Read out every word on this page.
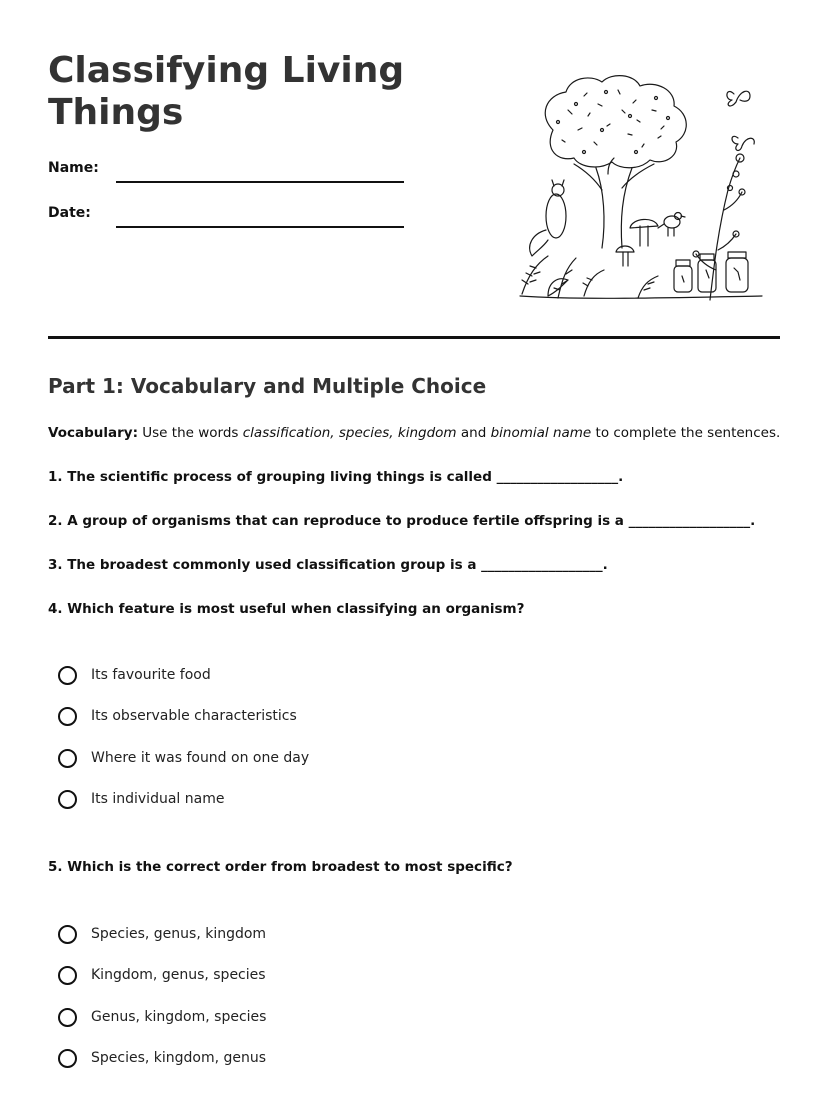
Classifying Living Things
Name:
Date:
Part 1: Vocabulary and Multiple Choice
Vocabulary: Use the words classification, species, kingdom and binomial name to complete the sentences.
1. The scientific process of grouping living things is called __________________.
2. A group of organisms that can reproduce to produce fertile offspring is a __________________.
3. The broadest commonly used classification group is a __________________.
4. Which feature is most useful when classifying an organism?
Its favourite food
Its observable characteristics
Where it was found on one day
Its individual name
5. Which is the correct order from broadest to most specific?
Species, genus, kingdom
Kingdom, genus, species
Genus, kingdom, species
Species, kingdom, genus
